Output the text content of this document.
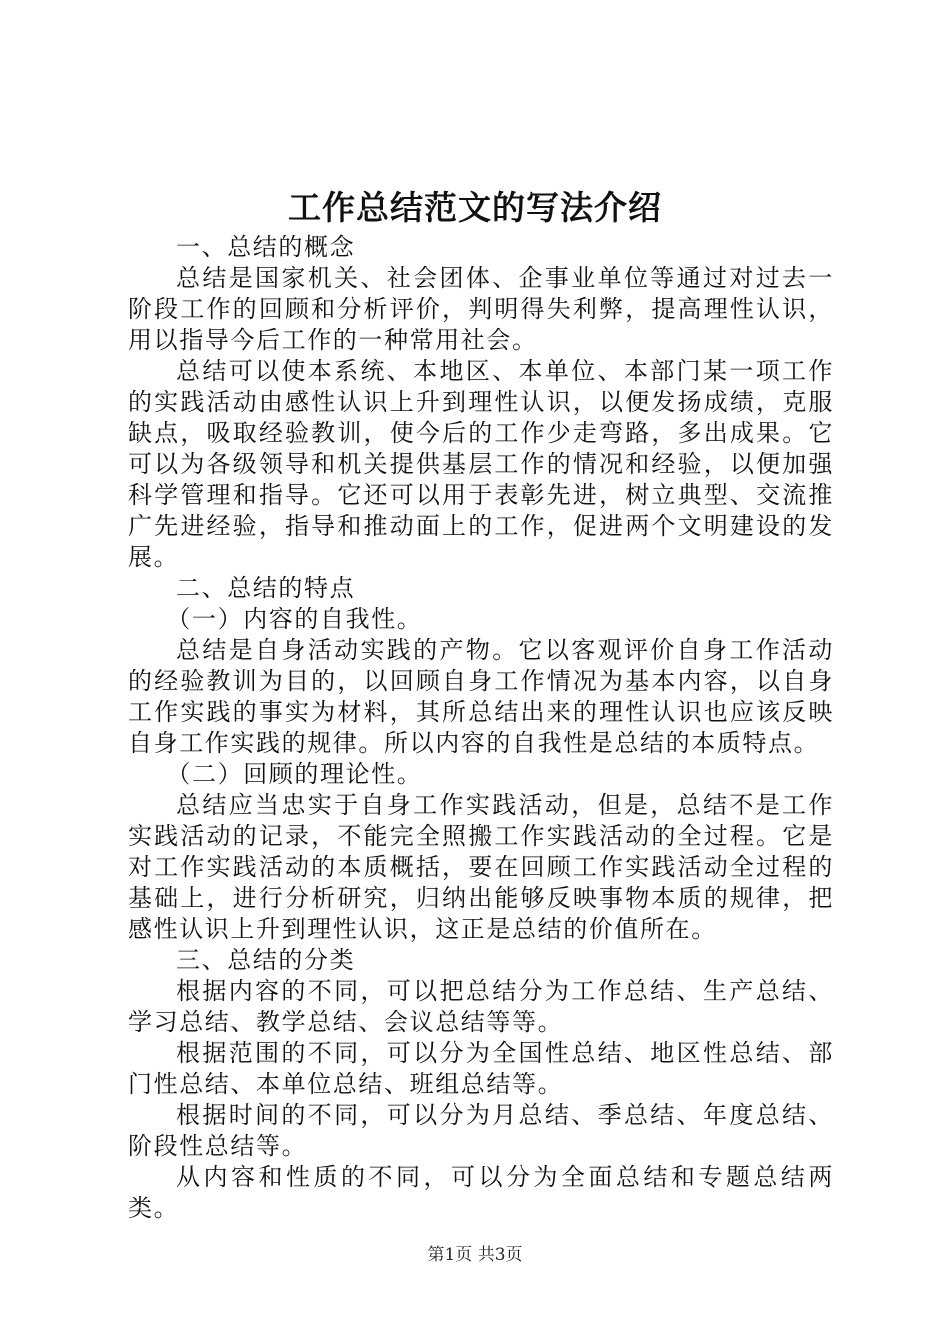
工作总结范文的写法介绍

一、总结的概念

总结是国家机关、社会团体、企事业单位等通过对过去一阶段工作的回顾和分析评价，判明得失利弊，提高理性认识，用以指导今后工作的一种常用社会。

总结可以使本系统、本地区、本单位、本部门某一项工作的实践活动由感性认识上升到理性认识，以便发扬成绩，克服缺点，吸取经验教训，使今后的工作少走弯路，多出成果。它可以为各级领导和机关提供基层工作的情况和经验，以便加强科学管理和指导。它还可以用于表彰先进，树立典型、交流推广先进经验，指导和推动面上的工作，促进两个文明建设的发展。

二、总结的特点

（一）内容的自我性。

总结是自身活动实践的产物。它以客观评价自身工作活动的经验教训为目的，以回顾自身工作情况为基本内容，以自身工作实践的事实为材料，其所总结出来的理性认识也应该反映自身工作实践的规律。所以内容的自我性是总结的本质特点。

（二）回顾的理论性。

总结应当忠实于自身工作实践活动，但是，总结不是工作实践活动的记录，不能完全照搬工作实践活动的全过程。它是对工作实践活动的本质概括，要在回顾工作实践活动全过程的基础上，进行分析研究，归纳出能够反映事物本质的规律，把感性认识上升到理性认识，这正是总结的价值所在。

三、总结的分类

根据内容的不同，可以把总结分为工作总结、生产总结、学习总结、教学总结、会议总结等等。

根据范围的不同，可以分为全国性总结、地区性总结、部门性总结、本单位总结、班组总结等。

根据时间的不同，可以分为月总结、季总结、年度总结、阶段性总结等。

从内容和性质的不同，可以分为全面总结和专题总结两类。

第1页 共3页
